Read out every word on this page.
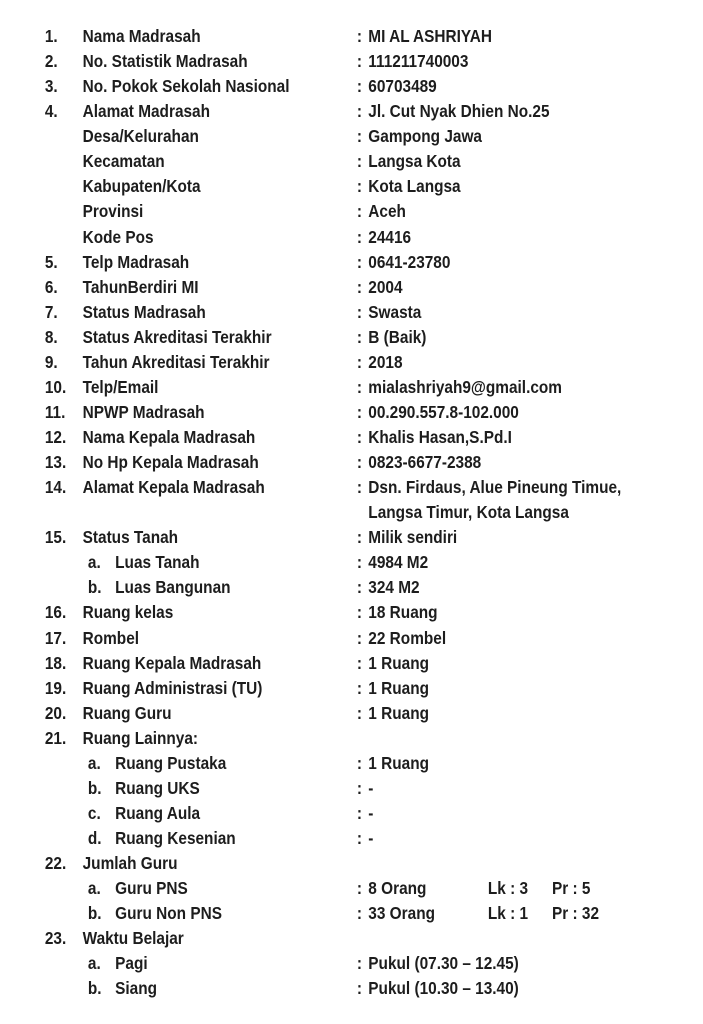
1. Nama Madrasah	: MI AL ASHRIYAH
2. No. Statistik Madrasah	: 111211740003
3. No. Pokok Sekolah Nasional	: 60703489
4. Alamat Madrasah	: Jl. Cut Nyak Dhien No.25
Desa/Kelurahan	: Gampong Jawa
Kecamatan	: Langsa Kota
Kabupaten/Kota	: Kota Langsa
Provinsi	: Aceh
Kode Pos	: 24416
5. Telp Madrasah	: 0641-23780
6. TahunBerdiri MI	: 2004
7. Status Madrasah	: Swasta
8. Status Akreditasi Terakhir	: B (Baik)
9. Tahun Akreditasi Terakhir	: 2018
10. Telp/Email	: mialashriyah9@gmail.com
11. NPWP Madrasah	: 00.290.557.8-102.000
12. Nama Kepala Madrasah	: Khalis Hasan,S.Pd.I
13. No Hp Kepala Madrasah	: 0823-6677-2388
14. Alamat Kepala Madrasah	: Dsn. Firdaus, Alue Pineung Timue,
Langsa Timur, Kota Langsa
15. Status Tanah	: Milik sendiri
a. Luas Tanah	: 4984 M2
b. Luas Bangunan	: 324 M2
16. Ruang kelas	: 18 Ruang
17. Rombel	: 22 Rombel
18. Ruang Kepala Madrasah	: 1 Ruang
19. Ruang Administrasi (TU)	: 1 Ruang
20. Ruang Guru	: 1 Ruang
21. Ruang Lainnya:
a. Ruang Pustaka	: 1 Ruang
b. Ruang UKS	: -
c. Ruang Aula	: -
d. Ruang Kesenian	: -
22. Jumlah Guru
a. Guru PNS	: 8 Orang	Lk : 3 Pr : 5
b. Guru Non PNS	: 33 Orang	Lk : 1 Pr : 32
23. Waktu Belajar
a. Pagi	: Pukul (07.30 – 12.45)
b. Siang	: Pukul (10.30 – 13.40)
